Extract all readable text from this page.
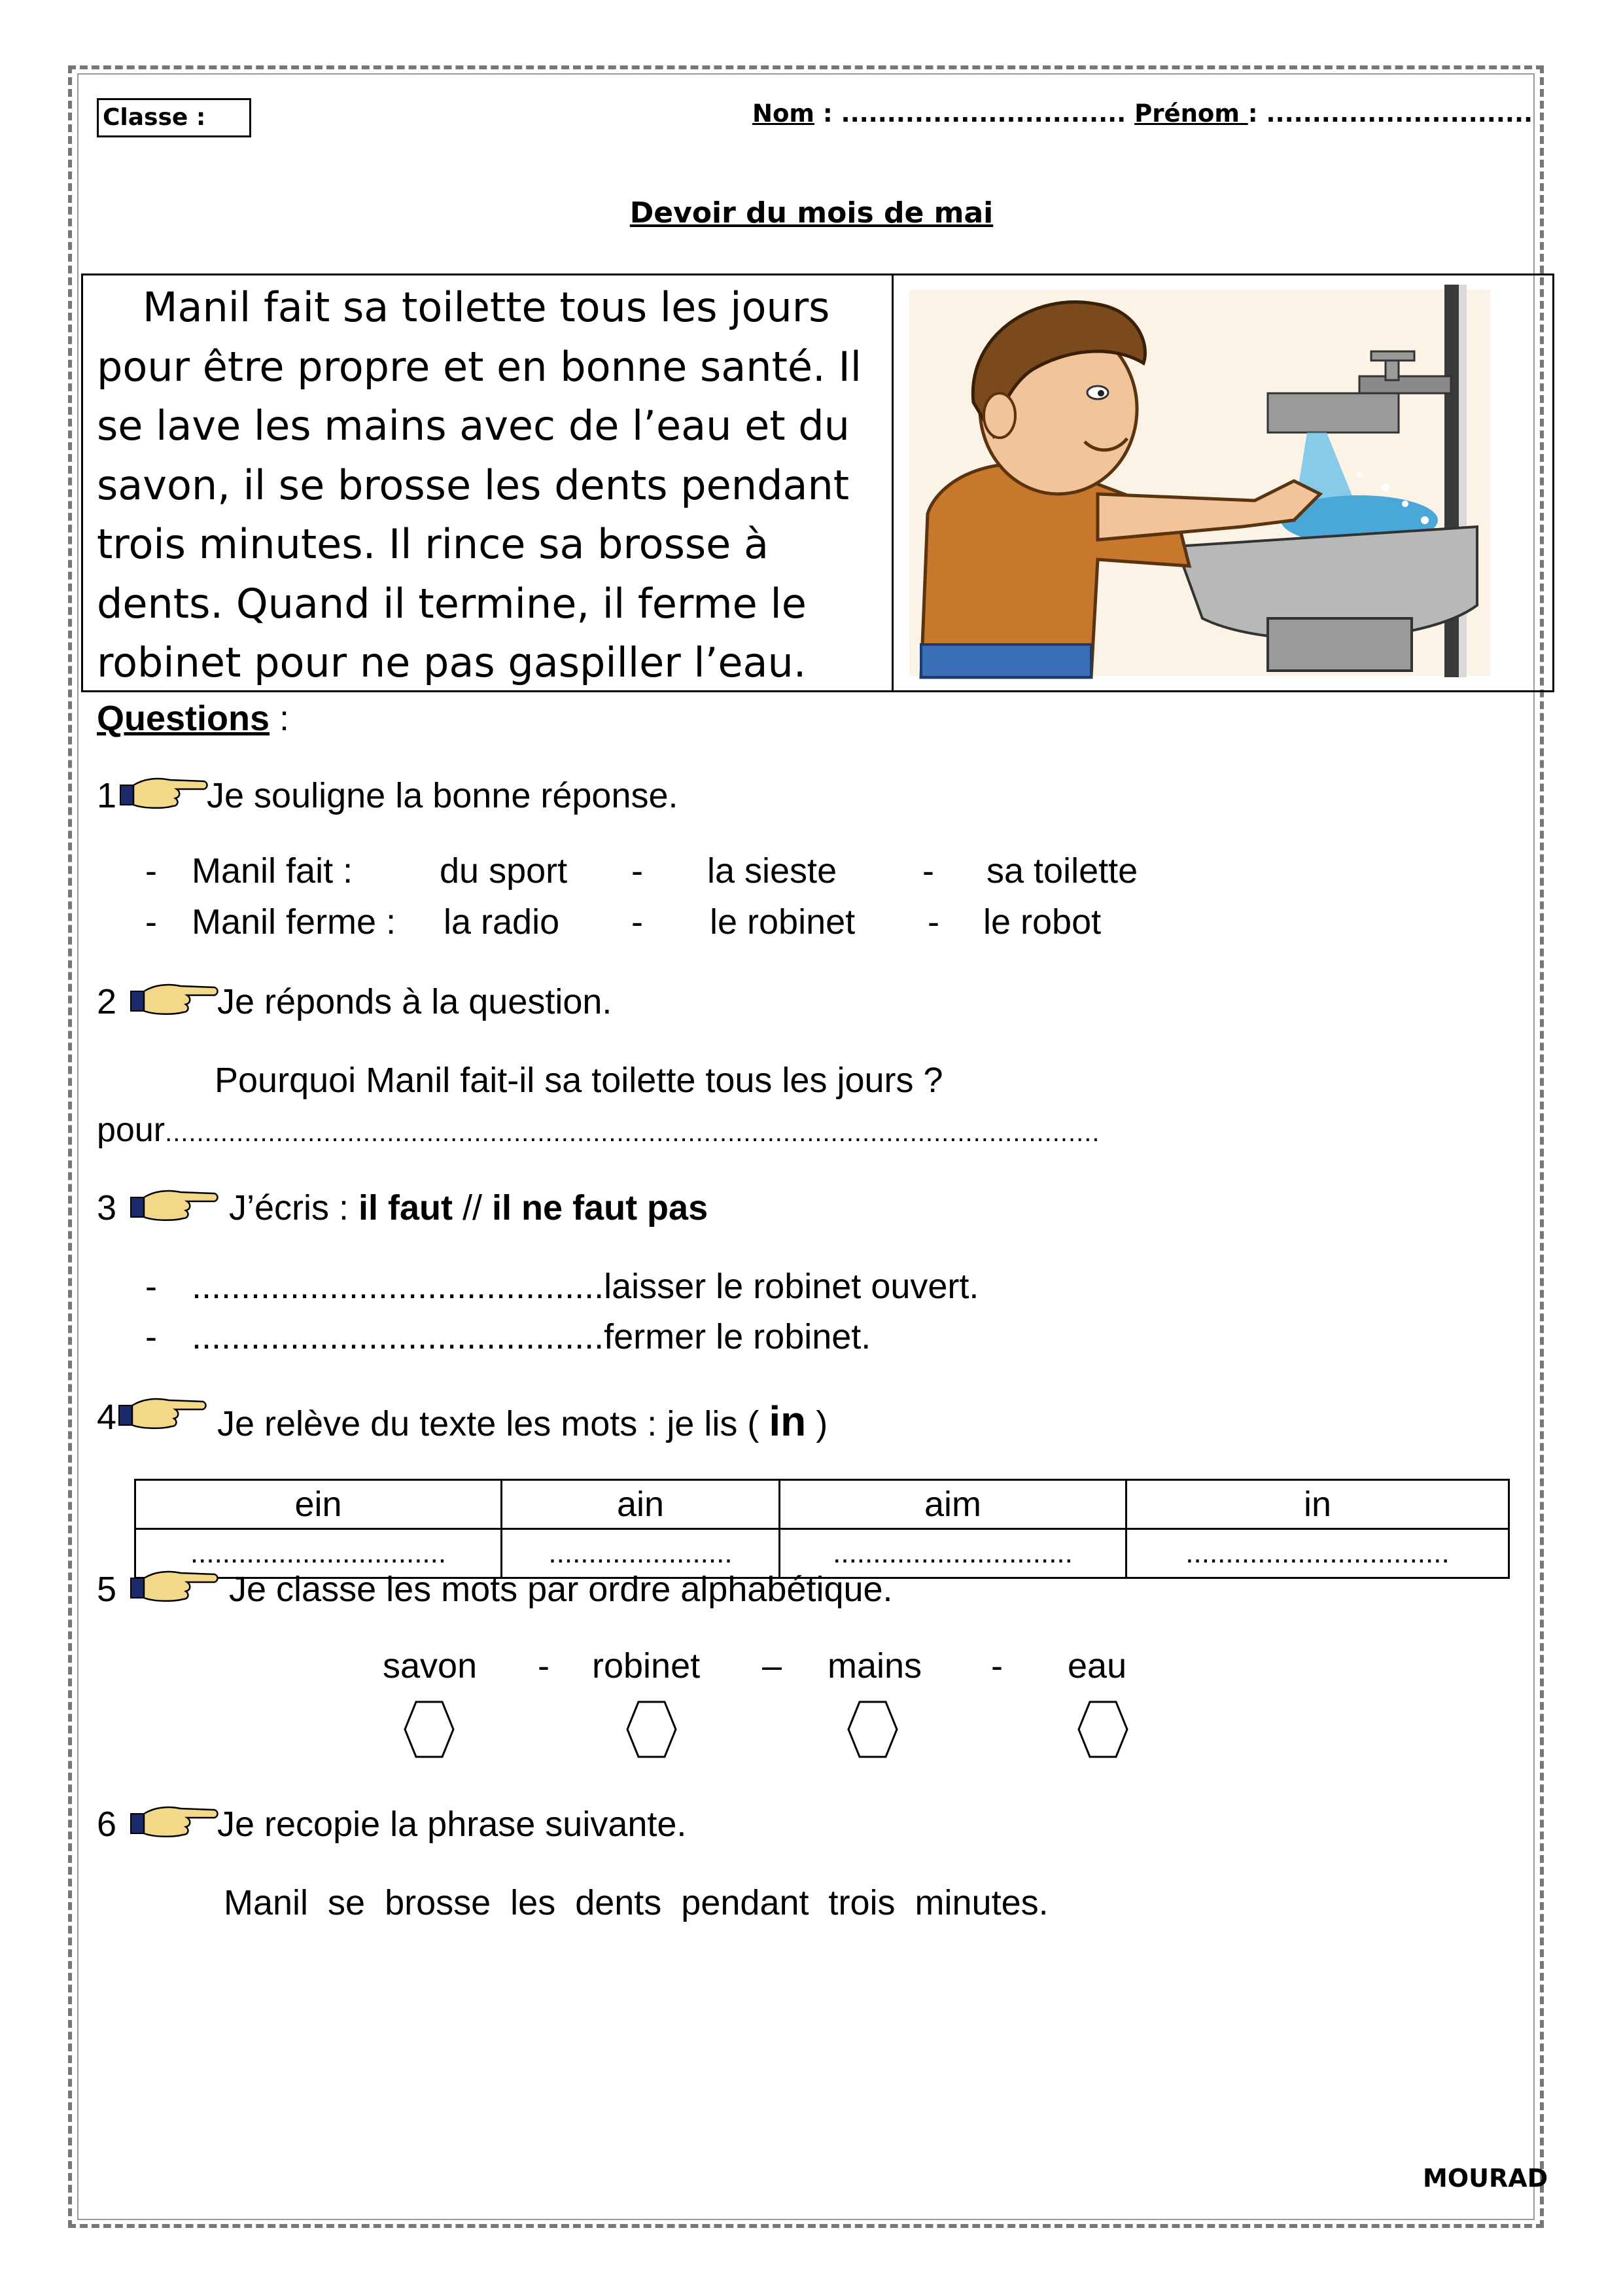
Classe :	Nom : ............................... Prénom : .............................
Devoir du mois de mai

Manil fait sa toilette tous les jours pour être propre et en bonne santé. Il se lave les mains avec de l’eau et du savon, il se brosse les dents pendant trois minutes. Il rince sa brosse à dents. Quand il termine, il ferme le robinet pour ne pas gaspiller l’eau.

Questions :
1	Je souligne la bonne réponse.
- Manil fait : du sport - la sieste - sa toilette
- Manil ferme : la radio - le robinet - le robot
2	Je réponds à la question.
Pourquoi Manil fait-il sa toilette tous les jours ?
pour......................................................................................................................
3	J’écris : il faut // il ne faut pas
- ..........................................laisser le robinet ouvert.
- ..........................................fermer le robinet.
4	Je relève du texte les mots : je lis ( in )
ein	ain	aim	in
................................	.......................	..............................	.................................
5	Je classe les mots par ordre alphabétique.
savon - robinet – mains - eau
6	Je recopie la phrase suivante.
Manil  se  brosse  les  dents  pendant  trois  minutes.
MOURAD
